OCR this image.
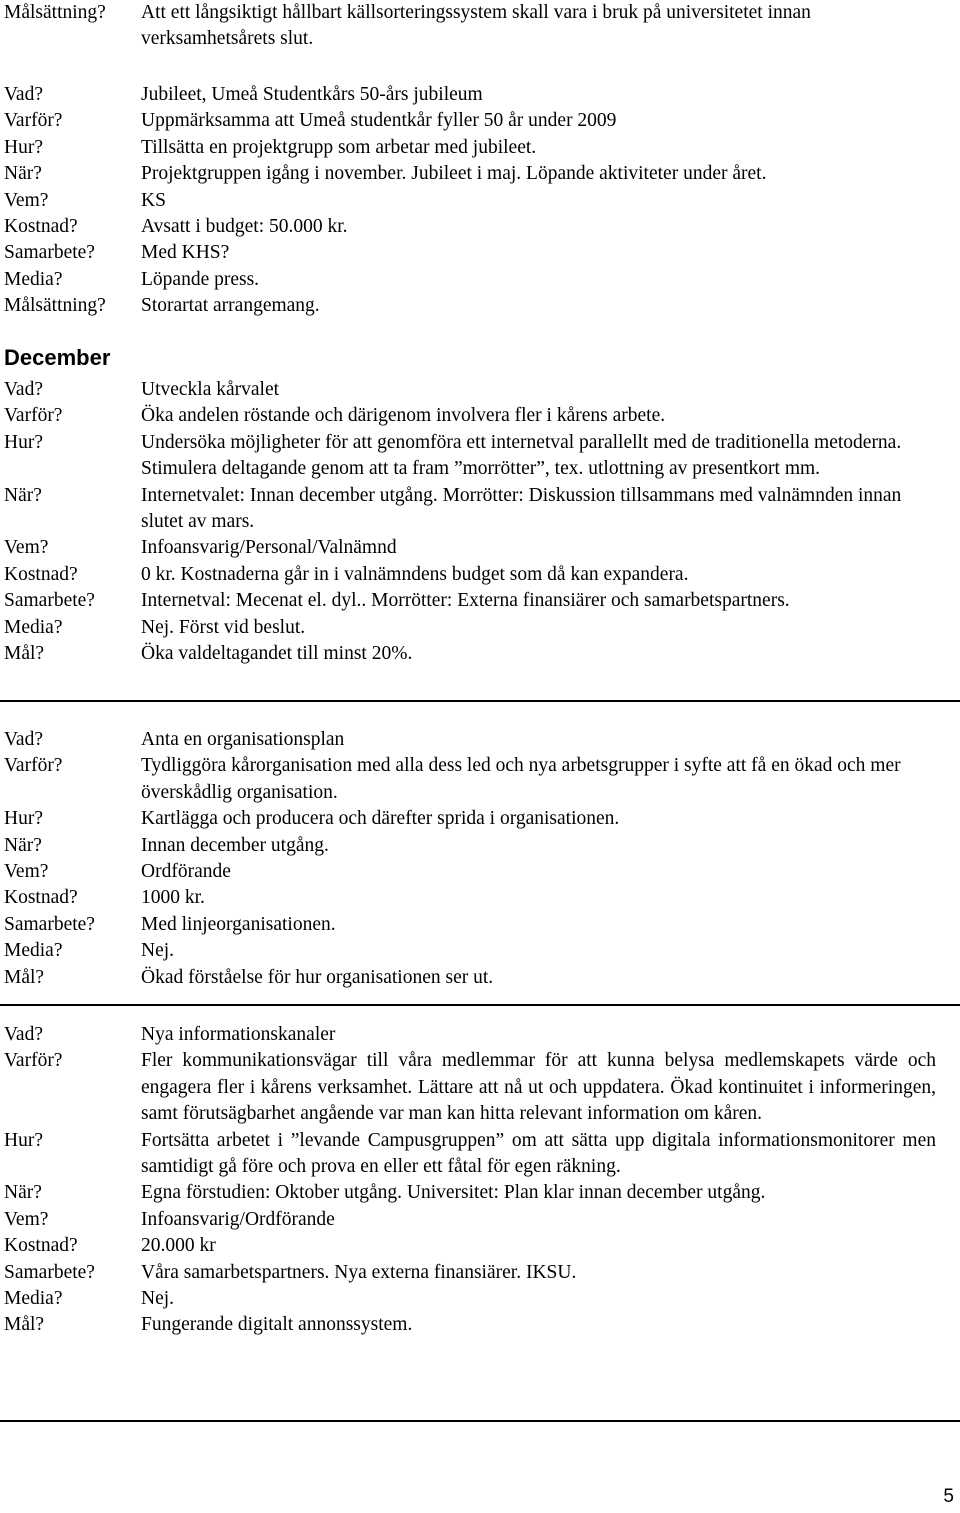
Målsättning?	Att ett långsiktigt hållbart källsorteringssystem skall vara i bruk på universitetet innan verksamhetsårets slut.
Vad?	Jubileet, Umeå Studentkårs 50-års jubileum
Varför?	Uppmärksamma att Umeå studentkår fyller 50 år under 2009
Hur?	Tillsätta en projektgrupp som arbetar med jubileet.
När?	Projektgruppen igång i november. Jubileet i maj. Löpande aktiviteter under året.
Vem?	KS
Kostnad?	Avsatt i budget: 50.000 kr.
Samarbete?	Med KHS?
Media?	Löpande press.
Målsättning?	Storartat arrangemang.
December
Vad?	Utveckla kårvalet
Varför?	Öka andelen röstande och därigenom involvera fler i kårens arbete.
Hur?	Undersöka möjligheter för att genomföra ett internetval parallellt med de traditionella metoderna. Stimulera deltagande genom att ta fram ”morrötter”, tex. utlottning av presentkort mm.
När?	Internetvalet: Innan december utgång. Morrötter: Diskussion tillsammans med valnämnden innan slutet av mars.
Vem?	Infoansvarig/Personal/Valnämnd
Kostnad?	0 kr. Kostnaderna går in i valnämndens budget som då kan expandera.
Samarbete?	Internetval: Mecenat el. dyl.. Morrötter: Externa finansiärer och samarbetspartners.
Media?	Nej. Först vid beslut.
Mål?	Öka valdeltagandet till minst 20%.
Vad?	Anta en organisationsplan
Varför?	Tydliggöra kårorganisation med alla dess led och nya arbetsgrupper i syfte att få en ökad och mer överskådlig organisation.
Hur?	Kartlägga och producera och därefter sprida i organisationen.
När?	Innan december utgång.
Vem?	Ordförande
Kostnad?	1000 kr.
Samarbete?	Med linjeorganisationen.
Media?	Nej.
Mål?	Ökad förståelse för hur organisationen ser ut.
Vad?	Nya informationskanaler
Varför?	Fler kommunikationsvägar till våra medlemmar för att kunna belysa medlemskapets värde och engagera fler i kårens verksamhet. Lättare att nå ut och uppdatera. Ökad kontinuitet i informeringen, samt förutsägbarhet angående var man kan hitta relevant information om kåren.
Hur?	Fortsätta arbetet i ”levande Campusgruppen” om att sätta upp digitala informationsmonitorer men samtidigt gå före och prova en eller ett fåtal för egen räkning.
När?	Egna förstudien: Oktober utgång. Universitet: Plan klar innan december utgång.
Vem?	Infoansvarig/Ordförande
Kostnad?	20.000 kr
Samarbete?	Våra samarbetspartners. Nya externa finansiärer. IKSU.
Media?	Nej.
Mål?	Fungerande digitalt annonssystem.
5
